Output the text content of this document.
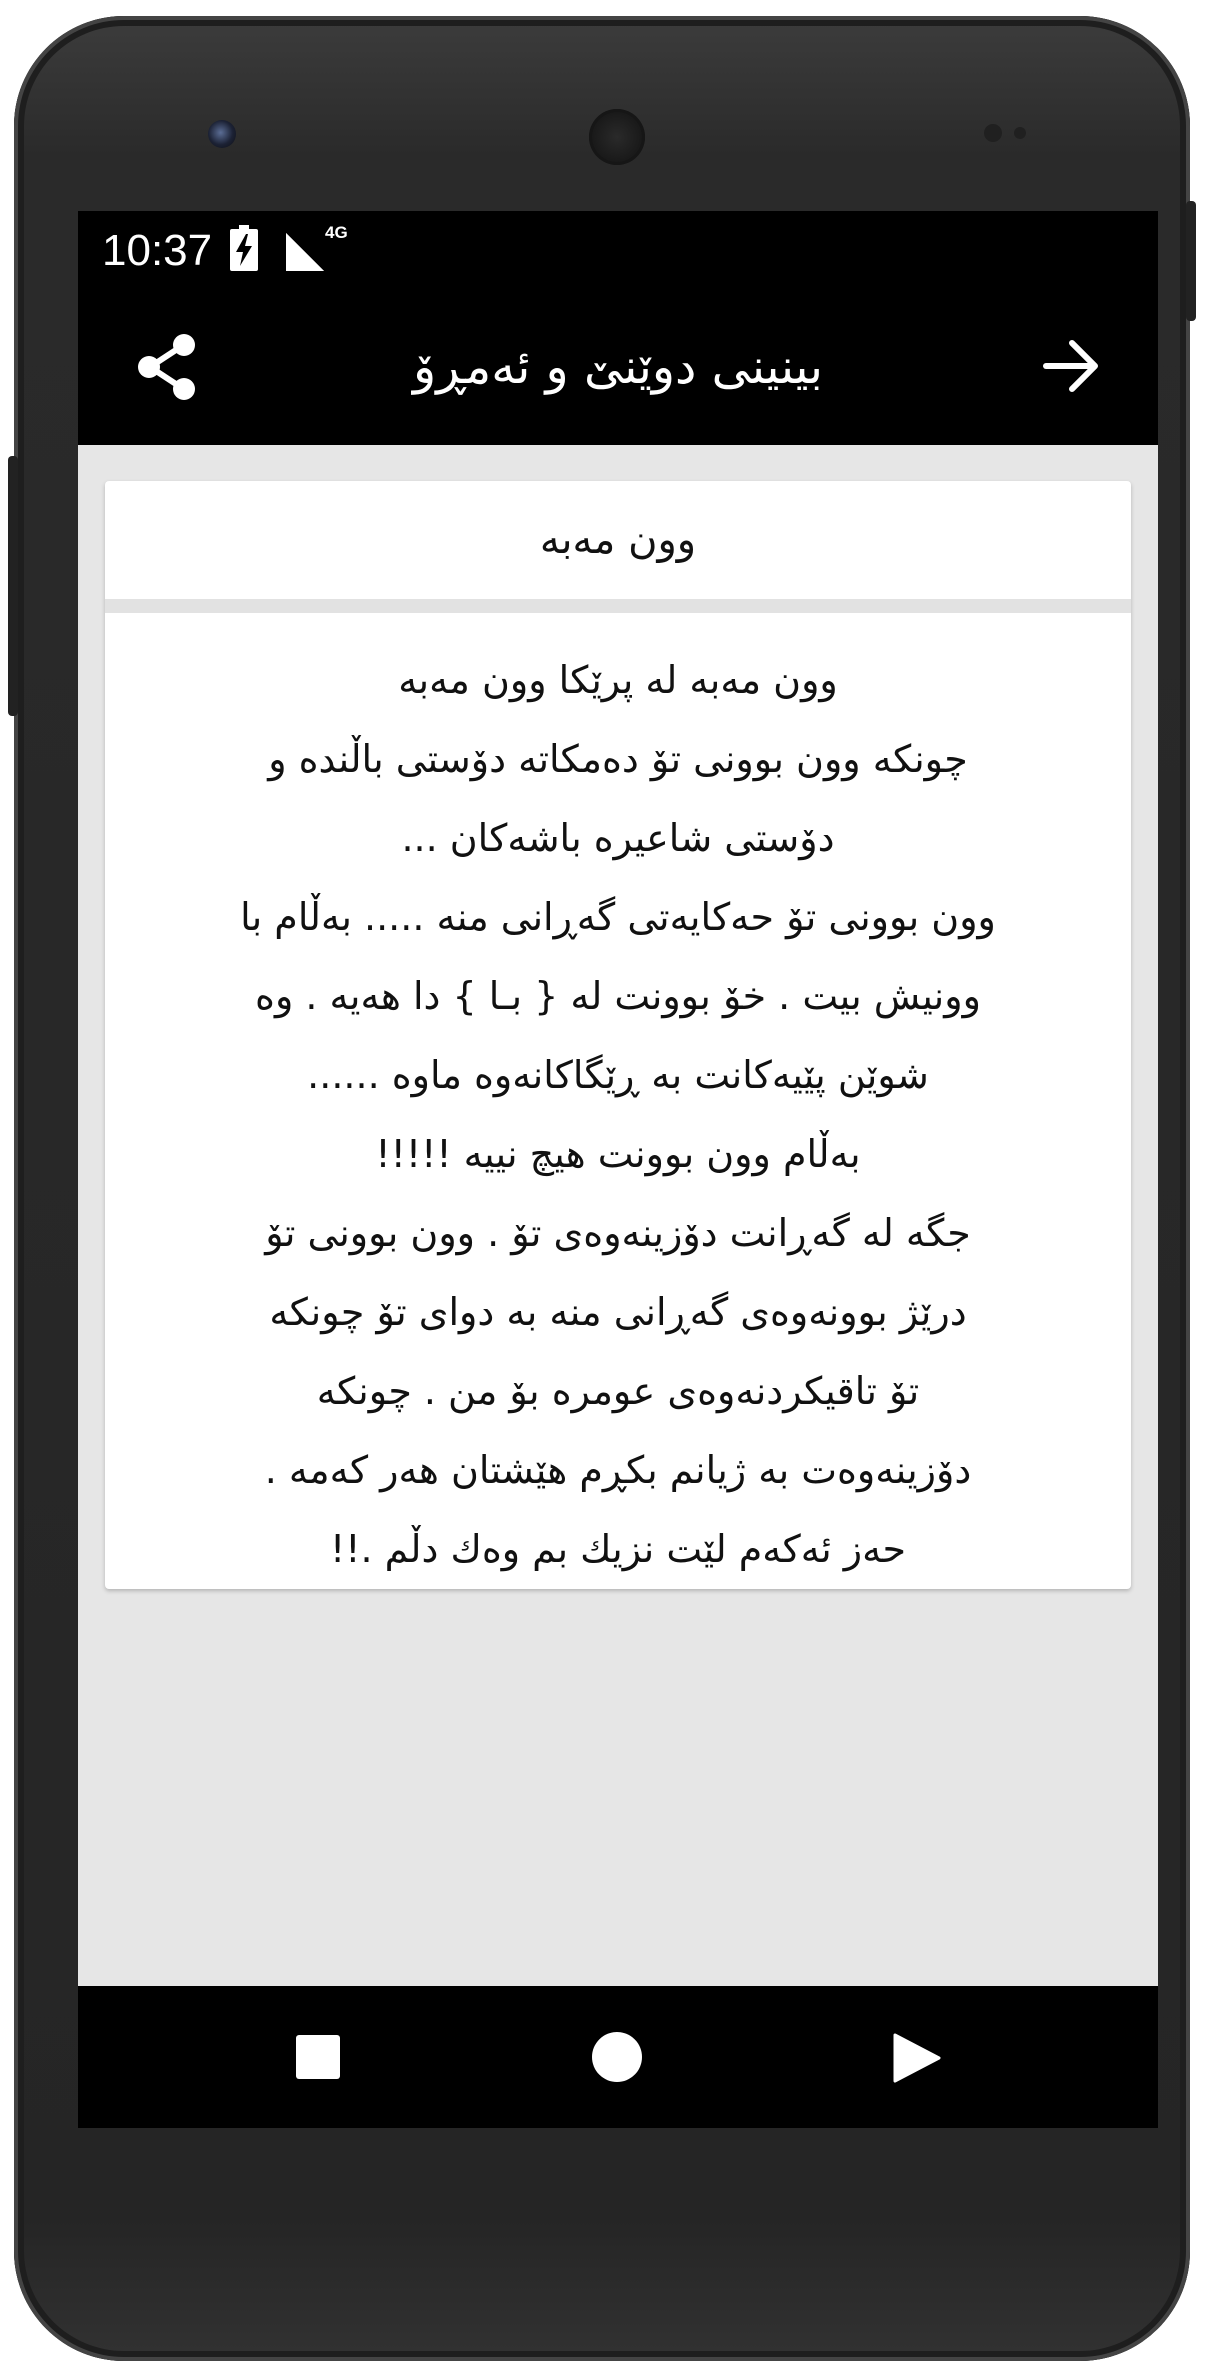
10:37	4G
بینینی دوێنێ و ئەمڕۆ
وون مەبە
وون مەبە لە پرێکا وون مەبە
چونکە وون بوونی تۆ دەمکاتە دۆستی باڵندە و
دۆستی شاعیرە باشەکان ...
وون بوونی تۆ حەکایەتی گەڕانی منە ..... بەڵام با
وونیش بیت . خۆ بوونت لە { بـا } دا هەیە . وە
شوێن پێیەکانت بە ڕێگاکانەوە ماوە ......
بەڵام وون بوونت هیچ نییە !!!!!
جگە لە گەڕانت دۆزینەوەی تۆ . وون بوونی تۆ
درێژ بوونەوەی گەڕانی منە بە دوای تۆ چونکە
تۆ تاقیکردنەوەی عومرە بۆ من . چونکە
دۆزینەوەت بە ژیانم بکڕم هێشتان هەر کەمە .
حەز ئەکەم لێت نزیك بم وەك دڵم .!!
